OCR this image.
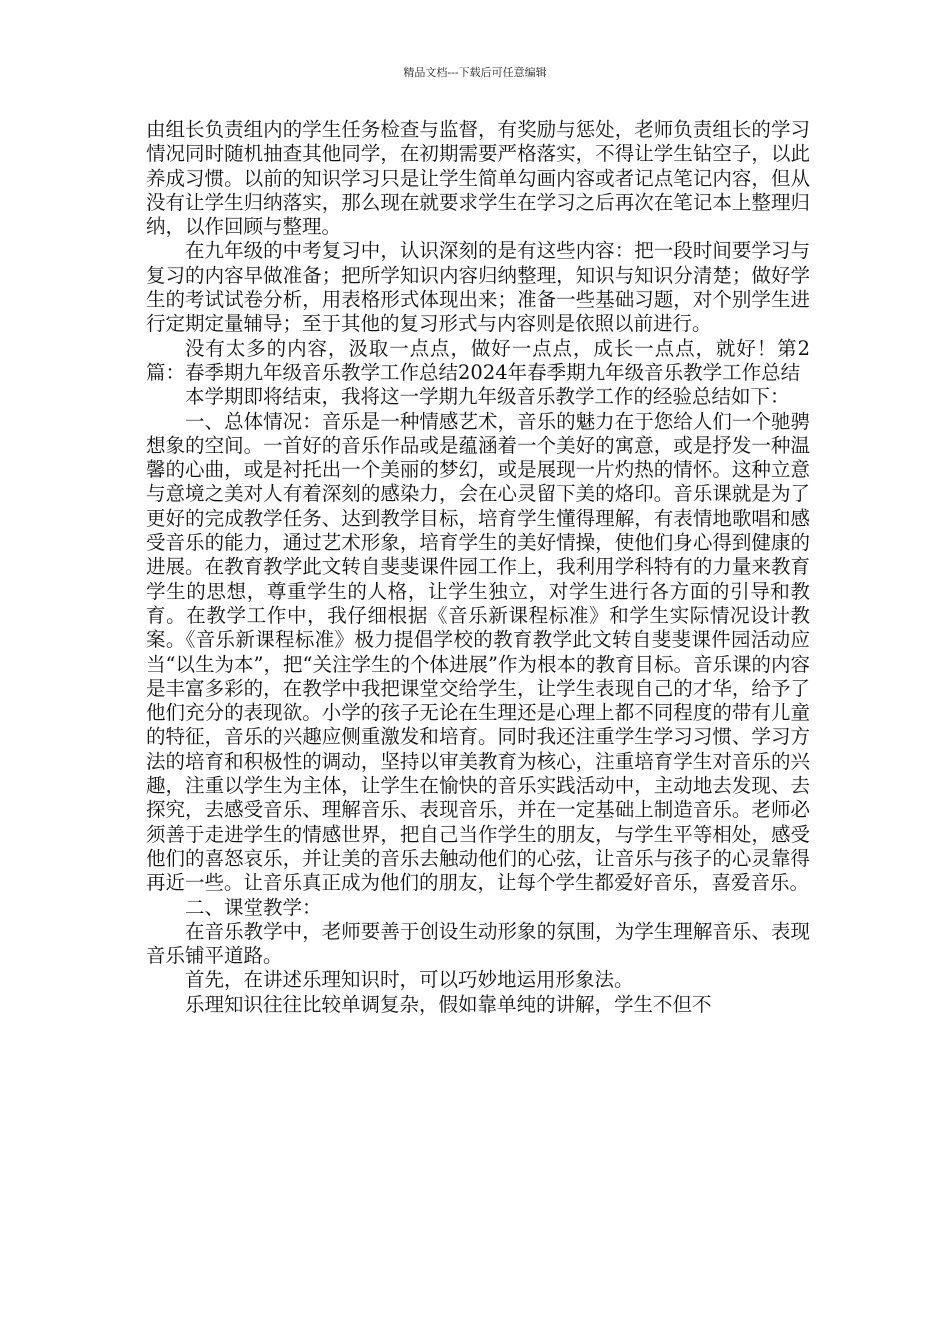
精品文档---下载后可任意编辑

由组长负责组内的学生任务检查与监督，有奖励与惩处，老师负责组长的学习情况同时随机抽查其他同学，在初期需要严格落实，不得让学生钻空子，以此养成习惯。以前的知识学习只是让学生简单勾画内容或者记点笔记内容，但从没有让学生归纳落实，那么现在就要求学生在学习之后再次在笔记本上整理归纳，以作回顾与整理。

在九年级的中考复习中，认识深刻的是有这些内容：把一段时间要学习与复习的内容早做准备；把所学知识内容归纳整理，知识与知识分清楚；做好学生的考试试卷分析，用表格形式体现出来；准备一些基础习题，对个别学生进行定期定量辅导；至于其他的复习形式与内容则是依照以前进行。

没有太多的内容，汲取一点点，做好一点点，成长一点点，就好！第2篇：春季期九年级音乐教学工作总结2024年春季期九年级音乐教学工作总结

本学期即将结束，我将这一学期九年级音乐教学工作的经验总结如下：

一、总体情况：音乐是一种情感艺术，音乐的魅力在于您给人们一个驰骋想象的空间。一首好的音乐作品或是蕴涵着一个美好的寓意，或是抒发一种温馨的心曲，或是衬托出一个美丽的梦幻，或是展现一片灼热的情怀。这种立意与意境之美对人有着深刻的感染力，会在心灵留下美的烙印。音乐课就是为了更好的完成教学任务、达到教学目标，培育学生懂得理解，有表情地歌唱和感受音乐的能力，通过艺术形象，培育学生的美好情操，使他们身心得到健康的进展。在教育教学此文转自斐斐课件园工作上，我利用学科特有的力量来教育学生的思想，尊重学生的人格，让学生独立，对学生进行各方面的引导和教育。在教学工作中，我仔细根据《音乐新课程标准》和学生实际情况设计教案。《音乐新课程标准》极力提倡学校的教育教学此文转自斐斐课件园活动应当“以生为本”，把“关注学生的个体进展”作为根本的教育目标。音乐课的内容是丰富多彩的，在教学中我把课堂交给学生，让学生表现自己的才华，给予了他们充分的表现欲。小学的孩子无论在生理还是心理上都不同程度的带有儿童的特征，音乐的兴趣应侧重激发和培育。同时我还注重学生学习习惯、学习方法的培育和积极性的调动，坚持以审美教育为核心，注重培育学生对音乐的兴趣，注重以学生为主体，让学生在愉快的音乐实践活动中，主动地去发现、去探究，去感受音乐、理解音乐、表现音乐，并在一定基础上制造音乐。老师必须善于走进学生的情感世界，把自己当作学生的朋友，与学生平等相处，感受他们的喜怒哀乐，并让美的音乐去触动他们的心弦，让音乐与孩子的心灵靠得再近一些。让音乐真正成为他们的朋友，让每个学生都爱好音乐，喜爱音乐。

二、课堂教学：

在音乐教学中，老师要善于创设生动形象的氛围，为学生理解音乐、表现音乐铺平道路。

首先，在讲述乐理知识时，可以巧妙地运用形象法。

乐理知识往往比较单调复杂，假如靠单纯的讲解，学生不但不
